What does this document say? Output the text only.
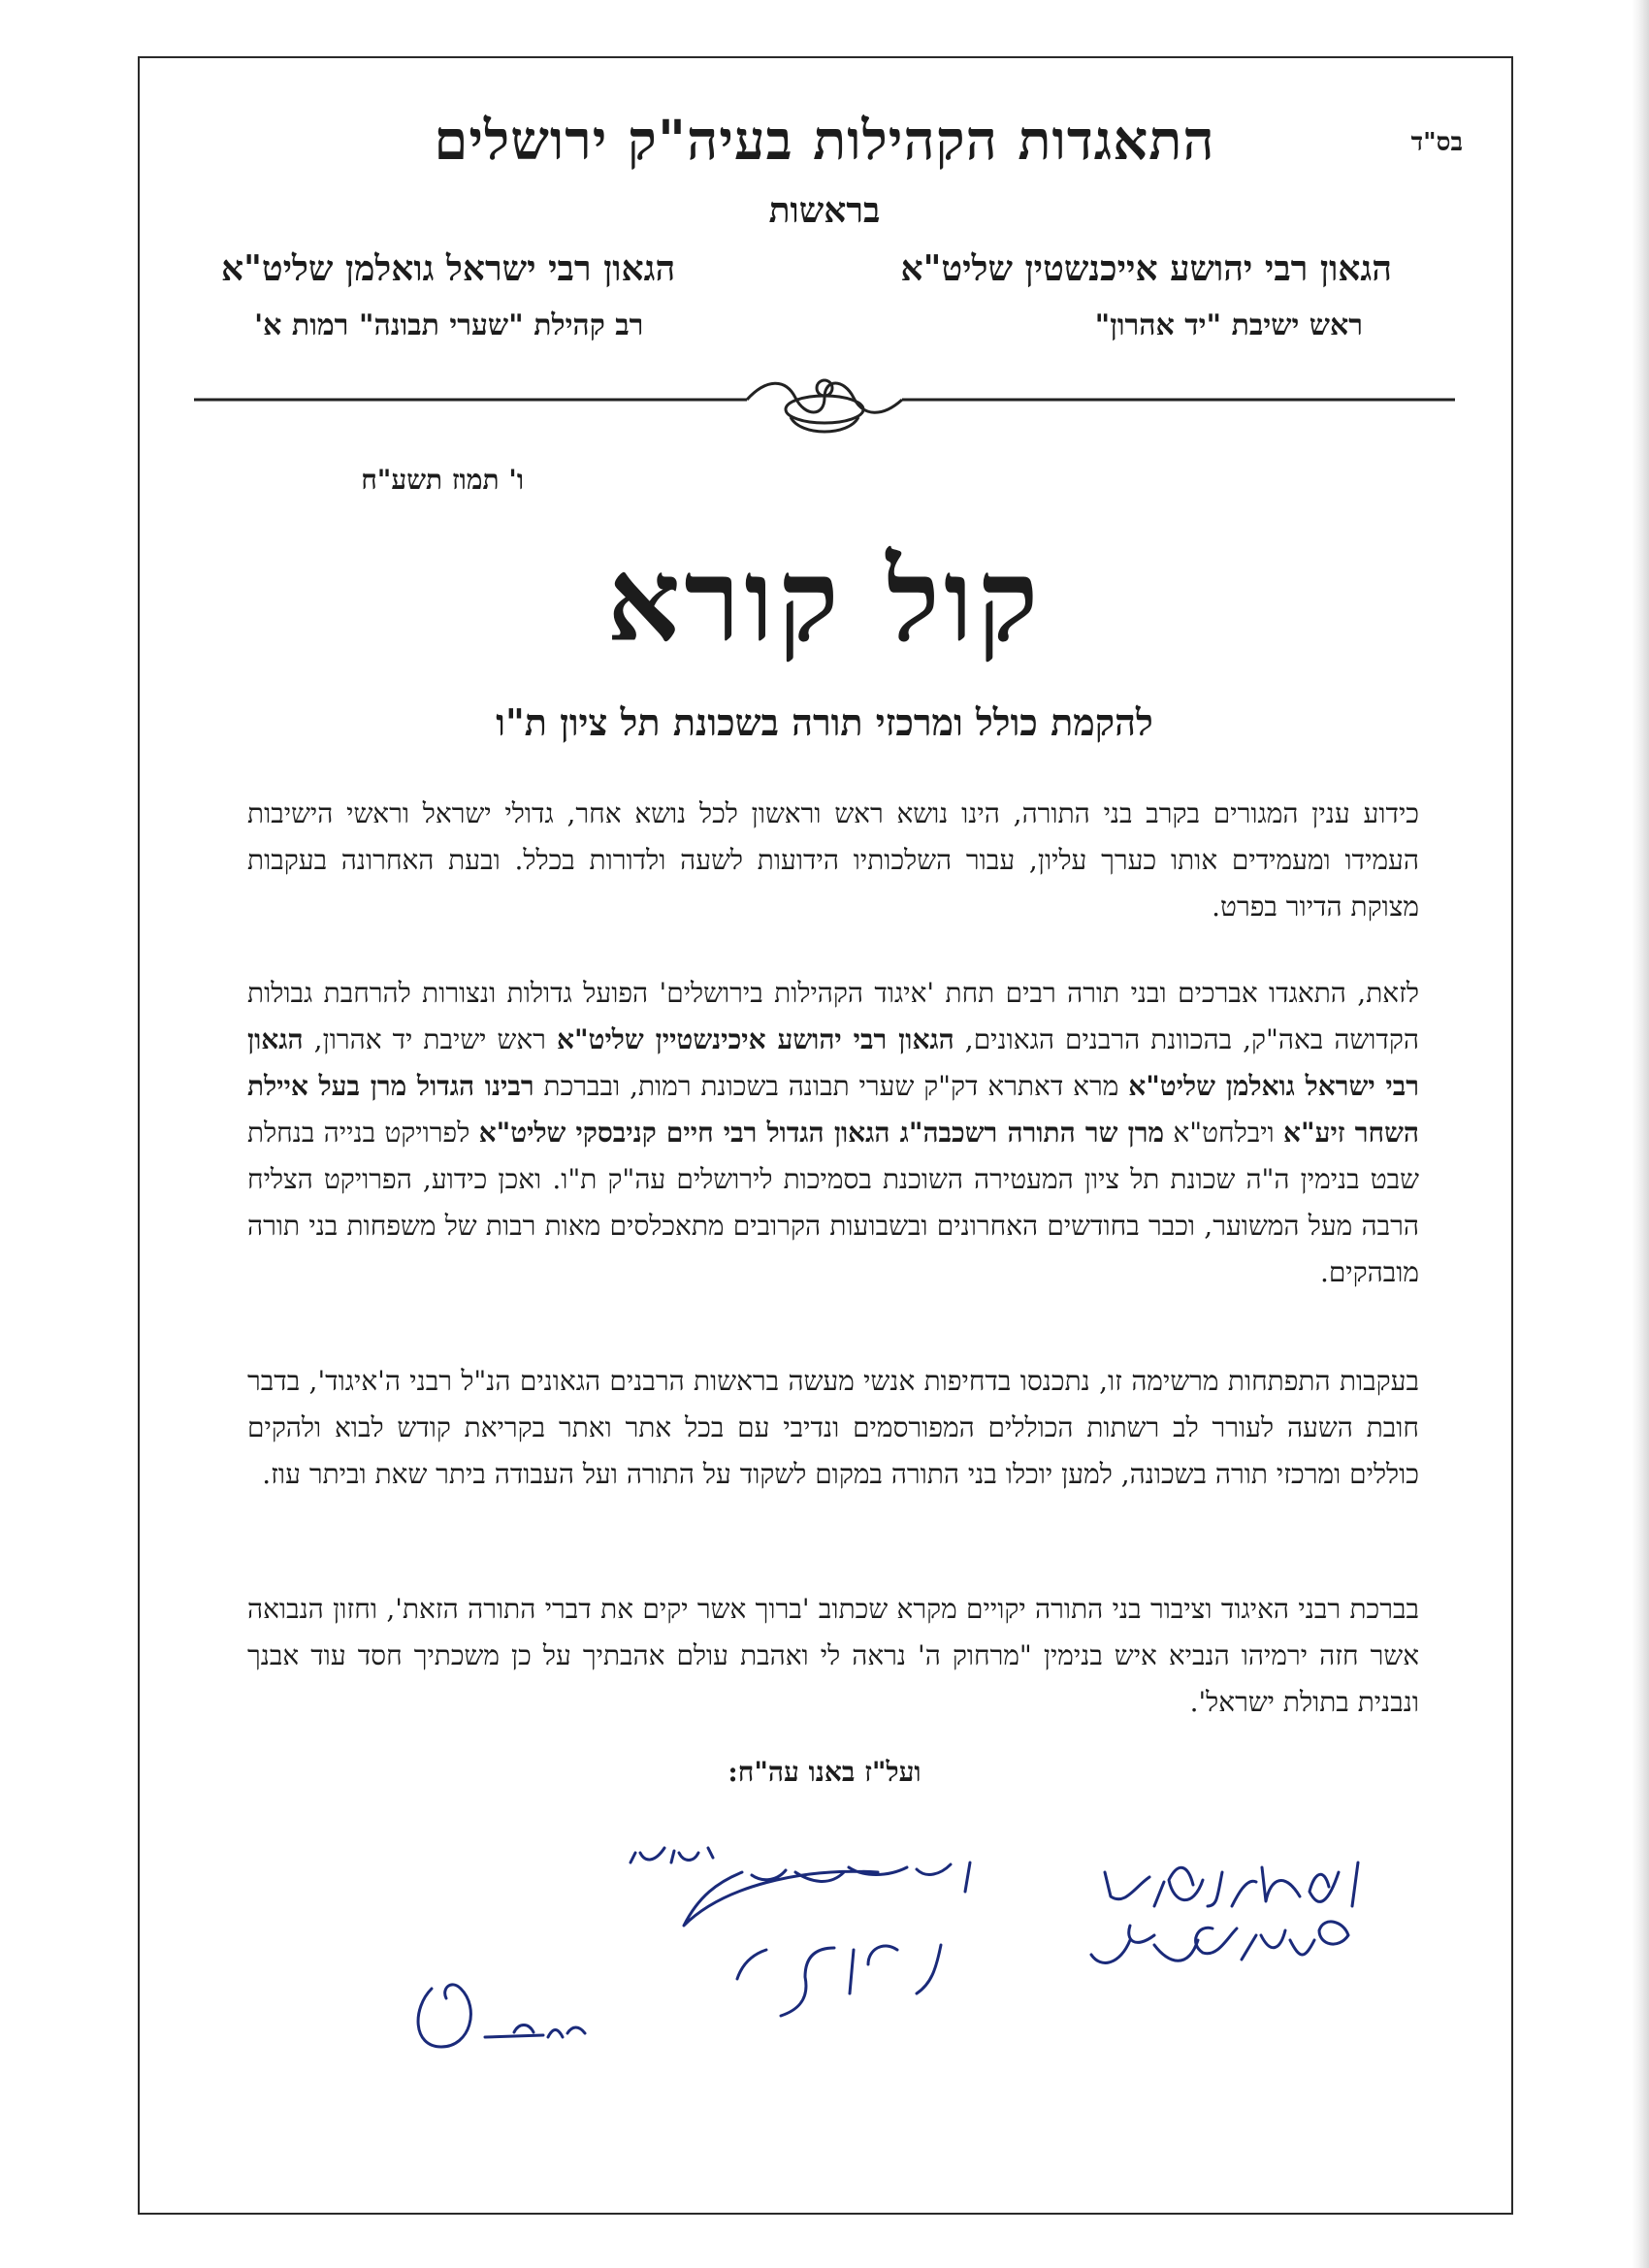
בס"ד
התאגדות הקהילות בעיה"ק ירושלים
בראשות
הגאון רבי יהושע אייכנשטין שליט"א
ראש ישיבת "יד אהרון"
הגאון רבי ישראל גואלמן שליט"א
רב קהילת "שערי תבונה" רמות א'
ו' תמוז תשע"ח
קול קורא
להקמת כולל ומרכזי תורה בשכונת תל ציון ת"ו
כידוע ענין המגורים בקרב בני התורה, הינו נושא ראש וראשון לכל נושא אחר, גדולי ישראל וראשי הישיבות העמידו ומעמידים אותו כערך עליון, עבור השלכותיו הידועות לשעה ולדורות בכלל. ובעת האחרונה בעקבות מצוקת הדיור בפרט.
לזאת, התאגדו אברכים ובני תורה רבים תחת 'איגוד הקהילות בירושלים' הפועל גדולות ונצורות להרחבת גבולות הקדושה באה"ק, בהכוונת הרבנים הגאונים, הגאון רבי יהושע איכינשטיין שליט"א ראש ישיבת יד אהרון, הגאון רבי ישראל גואלמן שליט"א מרא דאתרא דק"ק שערי תבונה בשכונת רמות, ובברכת רבינו הגדול מרן בעל איילת השחר זיע"א ויבלחט"א מרן שר התורה רשכבה"ג הגאון הגדול רבי חיים קניבסקי שליט"א לפרויקט בנייה בנחלת שבט בנימין ה"ה שכונת תל ציון המעטירה השוכנת בסמיכות לירושלים עה"ק ת"ו. ואכן כידוע, הפרויקט הצליח הרבה מעל המשוער, וכבר בחודשים האחרונים ובשבועות הקרובים מתאכלסים מאות רבות של משפחות בני תורה מובהקים.
בעקבות התפתחות מרשימה זו, נתכנסו בדחיפות אנשי מעשה בראשות הרבנים הגאונים הנ"ל רבני ה'איגוד', בדבר חובת השעה לעורר לב רשתות הכוללים המפורסמים ונדיבי עם בכל אתר ואתר בקריאת קודש לבוא ולהקים כוללים ומרכזי תורה בשכונה, למען יוכלו בני התורה במקום לשקוד על התורה ועל העבודה ביתר שאת וביתר עוז.
בברכת רבני האיגוד וציבור בני התורה יקויים מקרא שכתוב 'ברוך אשר יקים את דברי התורה הזאת', וחזון הנבואה אשר חזה ירמיהו הנביא איש בנימין "מרחוק ה' נראה לי ואהבת עולם אהבתיך על כן משכתיך חסד עוד אבנך ונבנית בתולת ישראל'.
ועל"ז באנו עה"ח:
